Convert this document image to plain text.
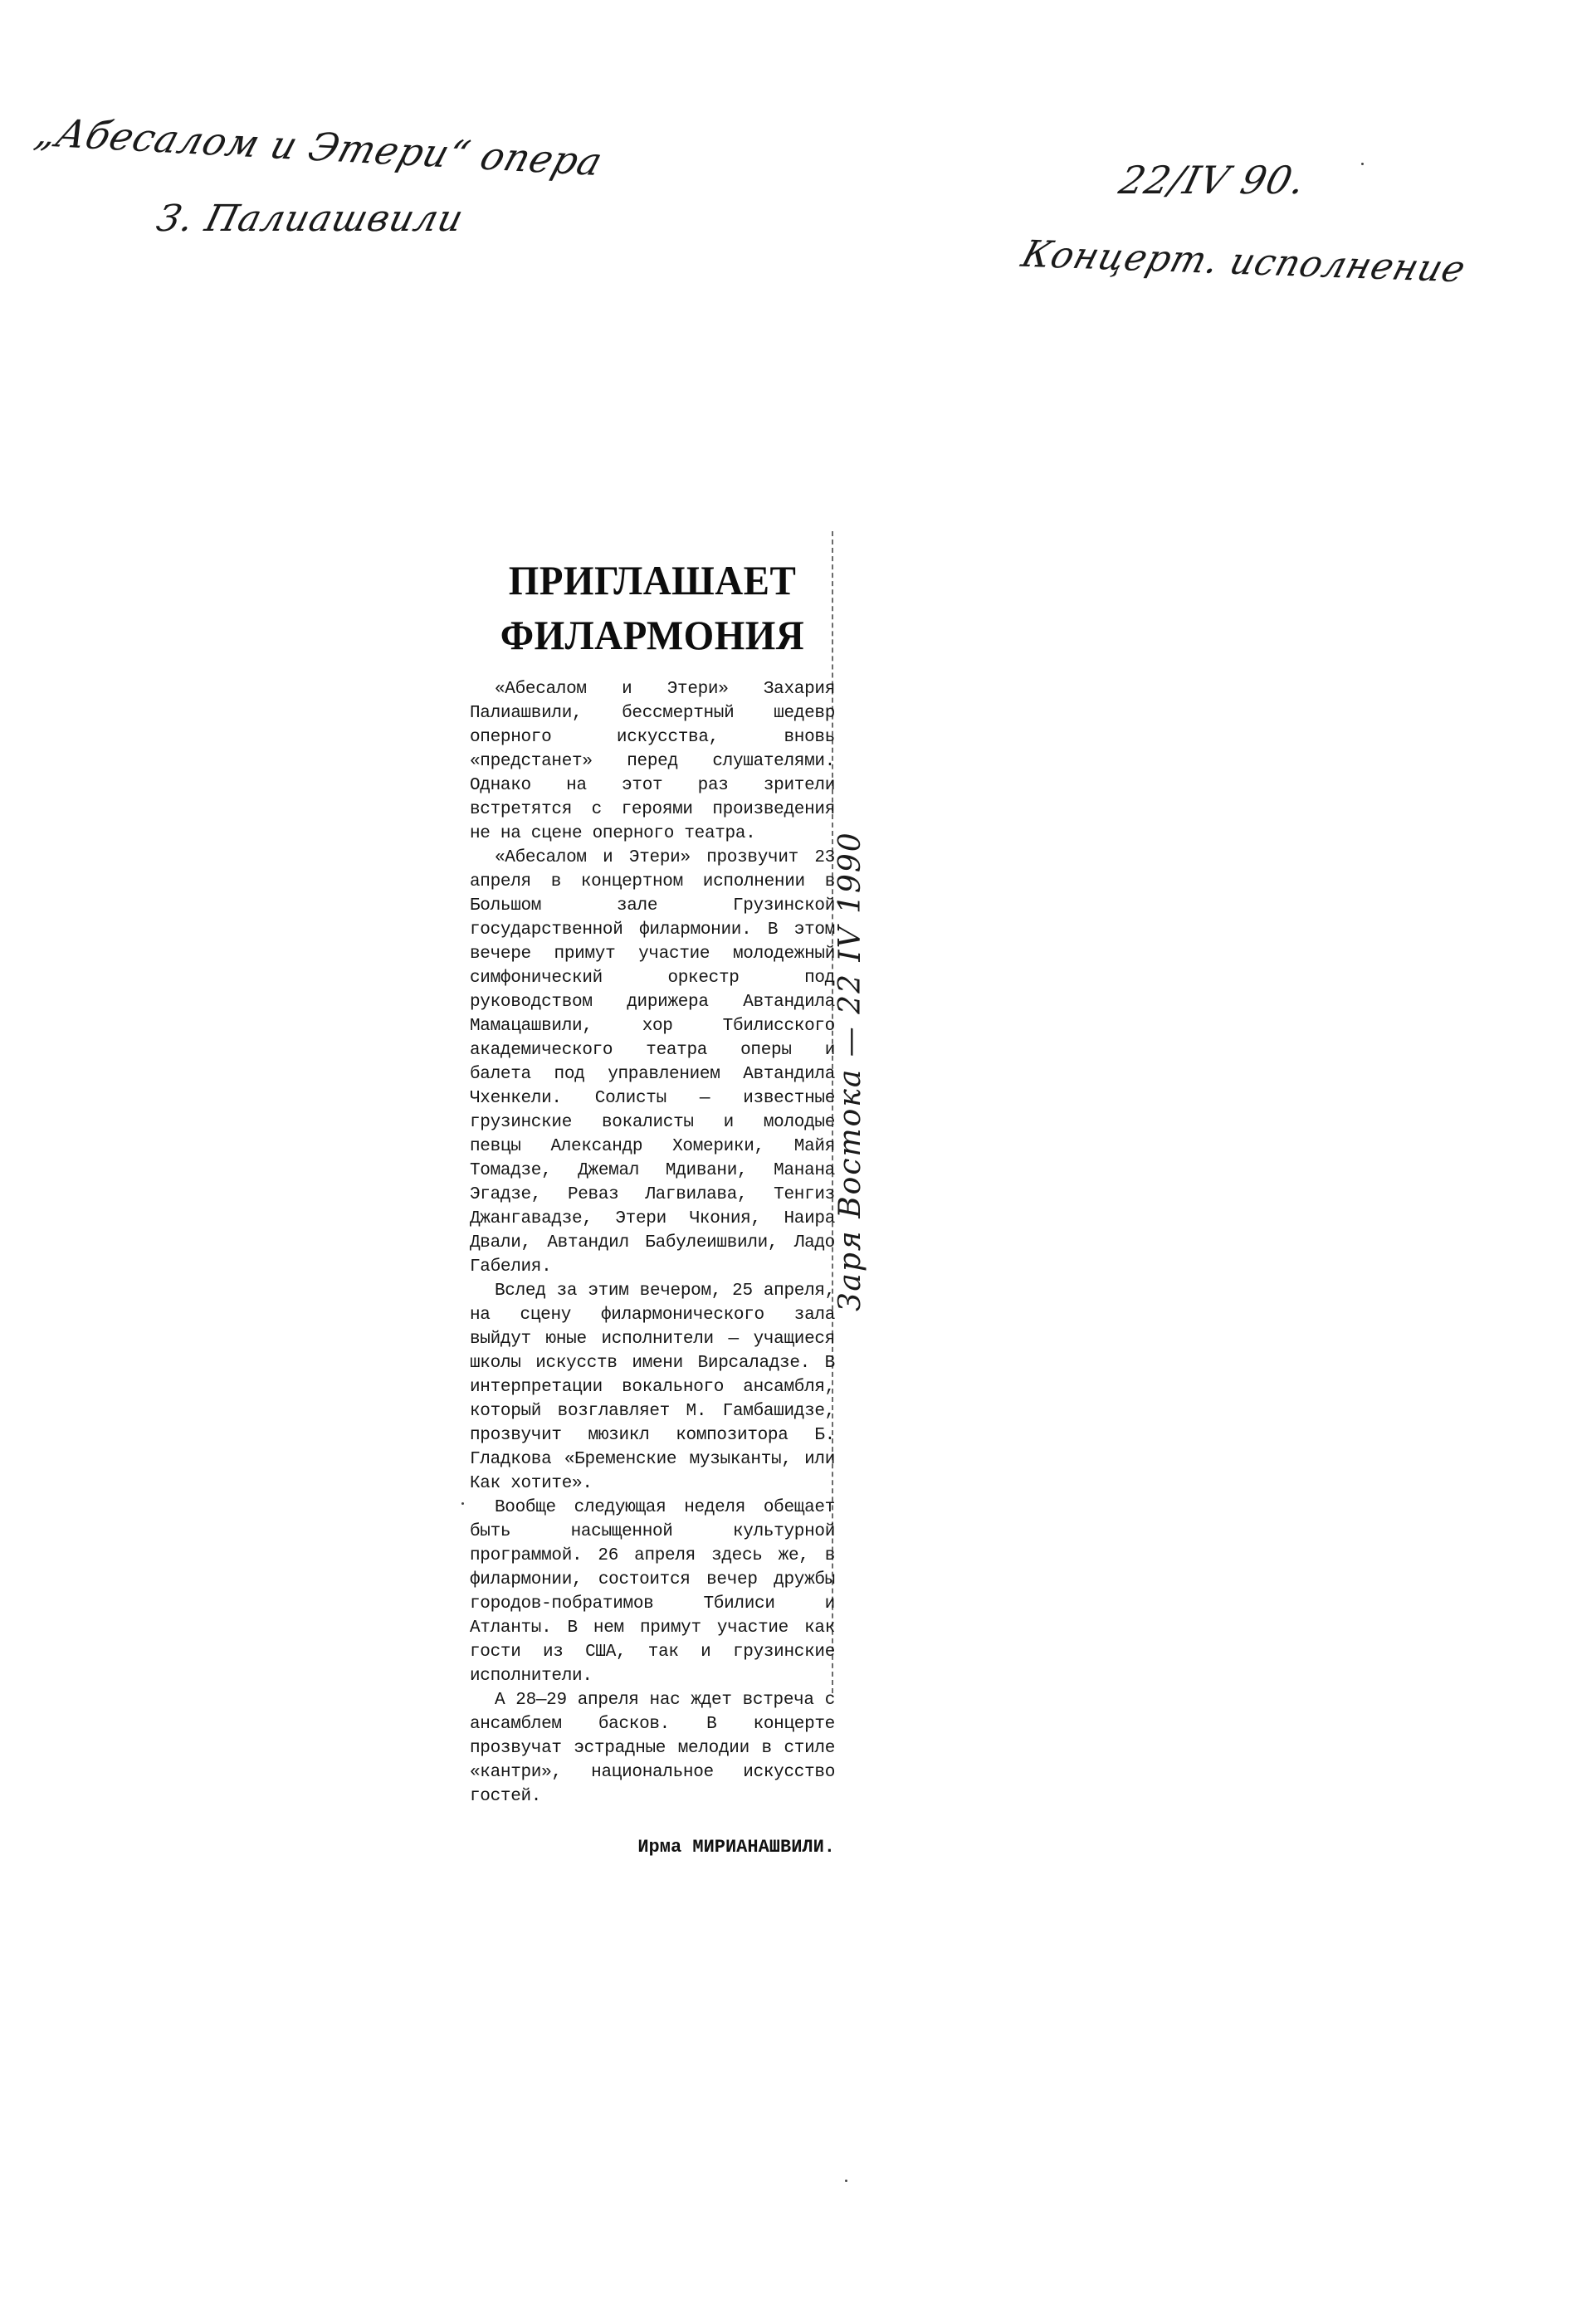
„Абесалом и Этери“ опера
З. Палиашвили
22/IV 90.
Концерт. исполнение
Заря Востока — 22 IV 1990
ПРИГЛАШАЕТ
ФИЛАРМОНИЯ

«Абесалом и Этери» Захария Палиашвили, бессмертный шедевр оперного искусства, вновь «предстанет» перед слушателями. Однако на этот раз зрители встретятся с героями произведения не на сцене оперного театра.

«Абесалом и Этери» прозвучит 23 апреля в концертном исполнении в Большом зале Грузинской государственной филармонии. В этом вечере примут участие молодежный симфонический оркестр под руководством дирижера Автандила Мамацашвили, хор Тбилисского академического театра оперы и балета под управлением Автандила Чхенкели. Солисты — известные грузинские вокалисты и молодые певцы Александр Хомерики, Майя Томадзе, Джемал Мдивани, Манана Эгадзе, Реваз Лагвилава, Тенгиз Джангавадзе, Этери Чкония, Наира Двали, Автандил Бабулеишвили, Ладо Габелия.

Вслед за этим вечером, 25 апреля, на сцену филармонического зала выйдут юные исполнители — учащиеся школы искусств имени Вирсаладзе. В интерпретации вокального ансамбля, который возглавляет М. Гамбашидзе, прозвучит мюзикл композитора Б. Гладкова «Бременские музыканты, или Как хотите».

Вообще следующая неделя обещает быть насыщенной культурной программой. 26 апреля здесь же, в филармонии, состоится вечер дружбы городов-побратимов Тбилиси и Атланты. В нем примут участие как гости из США, так и грузинские исполнители.

А 28—29 апреля нас ждет встреча с ансамблем басков. В концерте прозвучат эстрадные мелодии в стиле «кантри», национальное искусство гостей.

Ирма МИРИАНАШВИЛИ.
